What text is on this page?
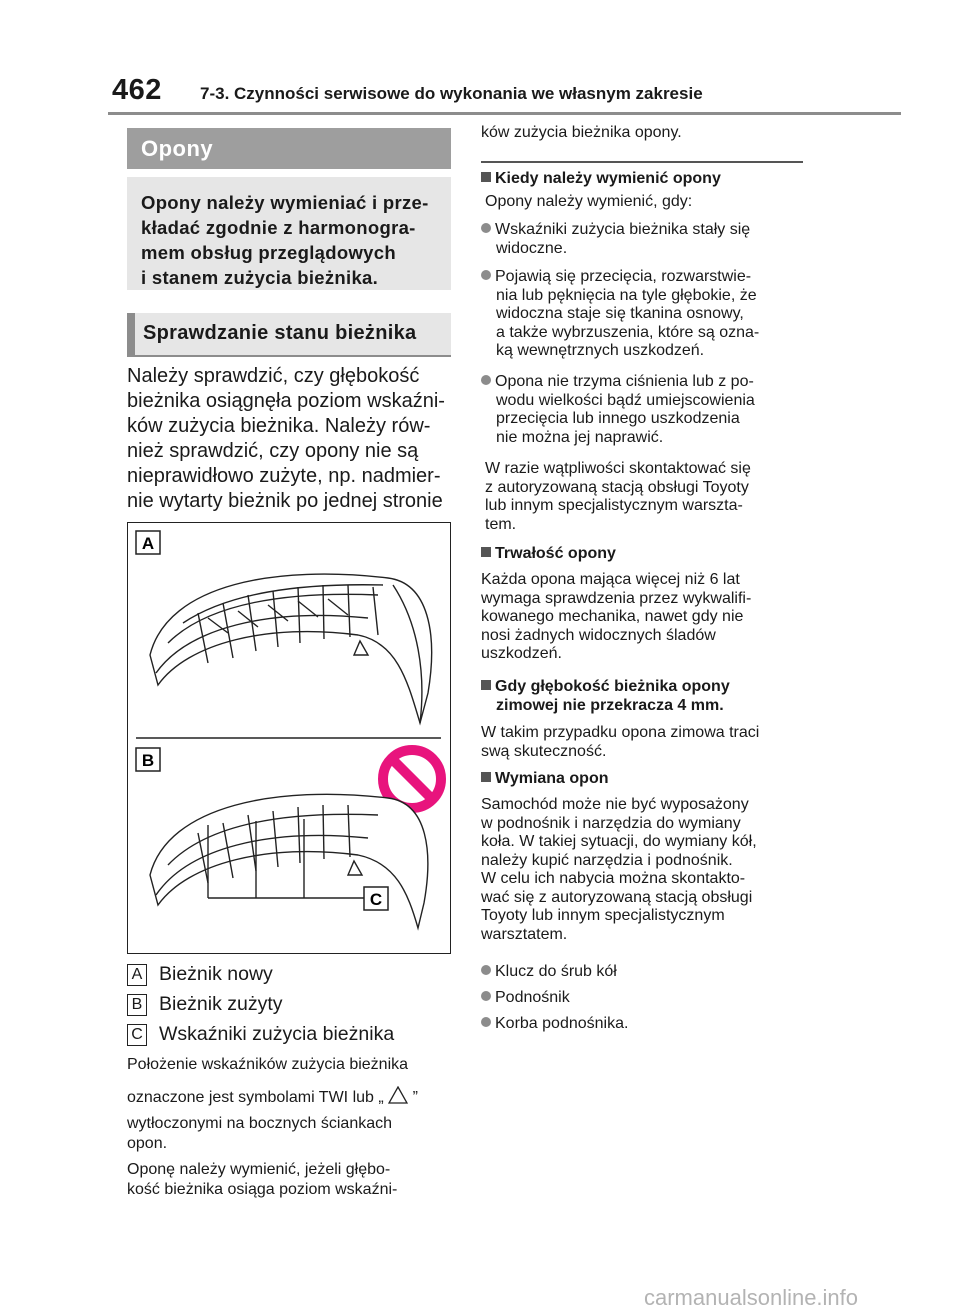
462 7-3. Czynności serwisowe do wykonania we własnym zakresie
Opony
Opony należy wymieniać i prze-
kładać zgodnie z harmonogra-
mem obsług przeglądowych
i stanem zużycia bieżnika.
Sprawdzanie stanu bieżnika
Należy sprawdzić, czy głębokość
bieżnika osiągnęła poziom wskaźni-
ków zużycia bieżnika. Należy rów-
nież sprawdzić, czy opony nie są
nieprawidłowo zużyte, np. nadmier-
nie wytarty bieżnik po jednej stronie
A
B
C
A Bieżnik nowy
B Bieżnik zużyty
C Wskaźniki zużycia bieżnika
Położenie wskaźników zużycia bieżnika
oznaczone jest symbolami TWI lub „ ”
wytłoczonymi na bocznych ściankach
opon.
Oponę należy wymienić, jeżeli głębo-
kość bieżnika osiąga poziom wskaźni-
ków zużycia bieżnika opony.
Kiedy należy wymienić opony
Opony należy wymienić, gdy:
Wskaźniki zużycia bieżnika stały się
widoczne.
Pojawią się przecięcia, rozwarstwie-
nia lub pęknięcia na tyle głębokie, że
widoczna staje się tkanina osnowy,
a także wybrzuszenia, które są ozna-
ką wewnętrznych uszkodzeń.
Opona nie trzyma ciśnienia lub z po-
wodu wielkości bądź umiejscowienia
przecięcia lub innego uszkodzenia
nie można jej naprawić.
W razie wątpliwości skontaktować się
z autoryzowaną stacją obsługi Toyoty
lub innym specjalistycznym warszta-
tem.
Trwałość opony
Każda opona mająca więcej niż 6 lat
wymaga sprawdzenia przez wykwalifi-
kowanego mechanika, nawet gdy nie
nosi żadnych widocznych śladów
uszkodzeń.
Gdy głębokość bieżnika opony
zimowej nie przekracza 4 mm.
W takim przypadku opona zimowa traci
swą skuteczność.
Wymiana opon
Samochód może nie być wyposażony
w podnośnik i narzędzia do wymiany
koła. W takiej sytuacji, do wymiany kół,
należy kupić narzędzia i podnośnik.
W celu ich nabycia można skontakto-
wać się z autoryzowaną stacją obsługi
Toyoty lub innym specjalistycznym
warsztatem.
Klucz do śrub kół
Podnośnik
Korba podnośnika.
carmanualsonline.info
